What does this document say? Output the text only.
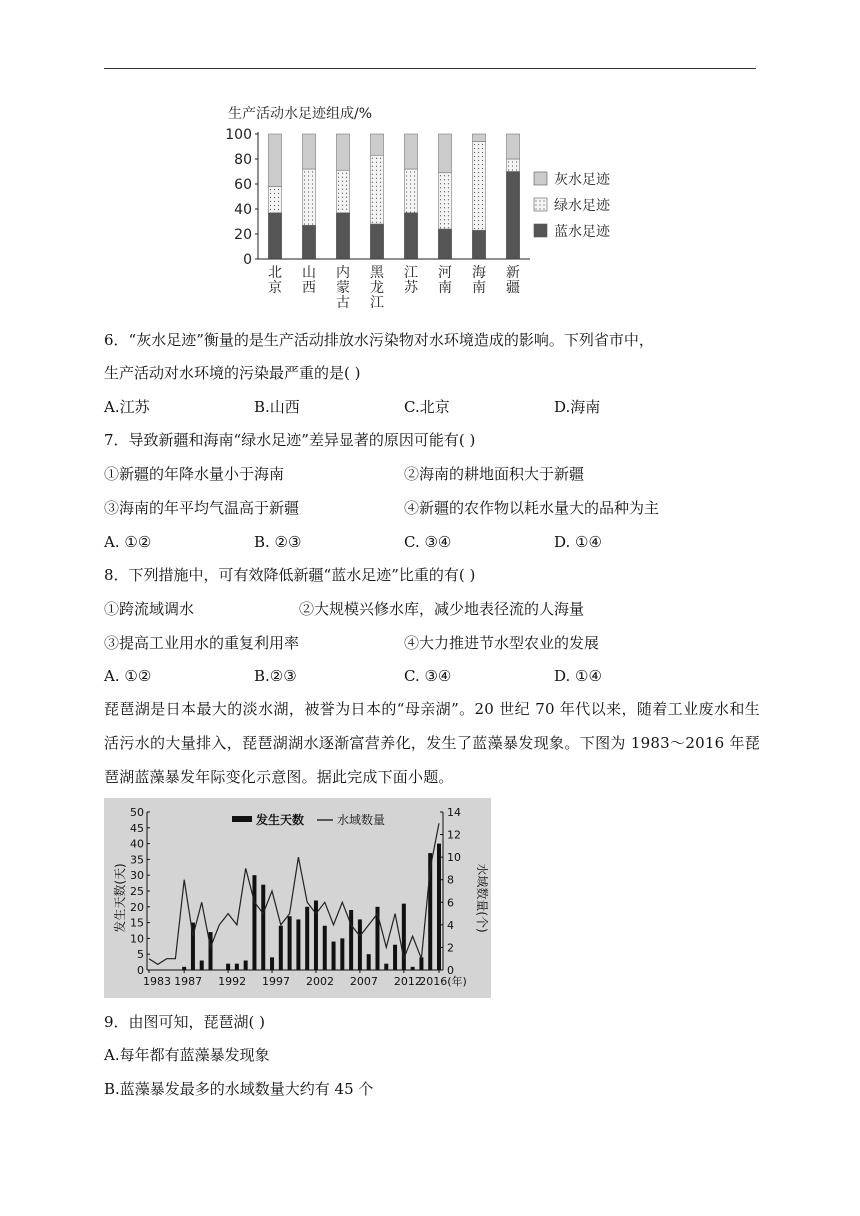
生产活动水足迹组成/%
0
20
40
60
80
100
北
京
山
西
内
蒙
古
黑
龙
江
江
苏
河
南
海
南
新
疆
灰水足迹
绿水足迹
蓝水足迹
6．“灰水足迹”衡量的是生产活动排放水污染物对水环境造成的影响。下列省市中，
生产活动对水环境的污染最严重的是( )
A.江苏	B.山西	C.北京	D.海南
7．导致新疆和海南“绿水足迹”差异显著的原因可能有( )
①新疆的年降水量小于海南	②海南的耕地面积大于新疆
③海南的年平均气温高于新疆	④新疆的农作物以耗水量大的品种为主
A. ①②	B. ②③	C. ③④	D. ①④
8．下列措施中，可有效降低新疆“蓝水足迹”比重的有( )
①跨流域调水	②大规模兴修水库，减少地表径流的人海量
③提高工业用水的重复利用率	④大力推进节水型农业的发展
A. ①②	B.②③	C. ③④	D. ①④
琵琶湖是日本最大的淡水湖，被誉为日本的“母亲湖”。20 世纪 70 年代以来，随着工业废水和生活污水的大量排入，琵琶湖湖水逐渐富营养化，发生了蓝藻暴发现象。下图为 1983～2016 年琵琶湖蓝藻暴发年际变化示意图。据此完成下面小题。
0
5
10
15
20
25
30
35
40
45
50
0
2
4
6
8
10
12
14
1983 1987 1992 1997 2002 2007 2012
2016(年)
发生天数	水域数量
发生天数(天)	水域数量(个)
9．由图可知，琵琶湖( )
A.每年都有蓝藻暴发现象
B.蓝藻暴发最多的水域数量大约有 45 个
